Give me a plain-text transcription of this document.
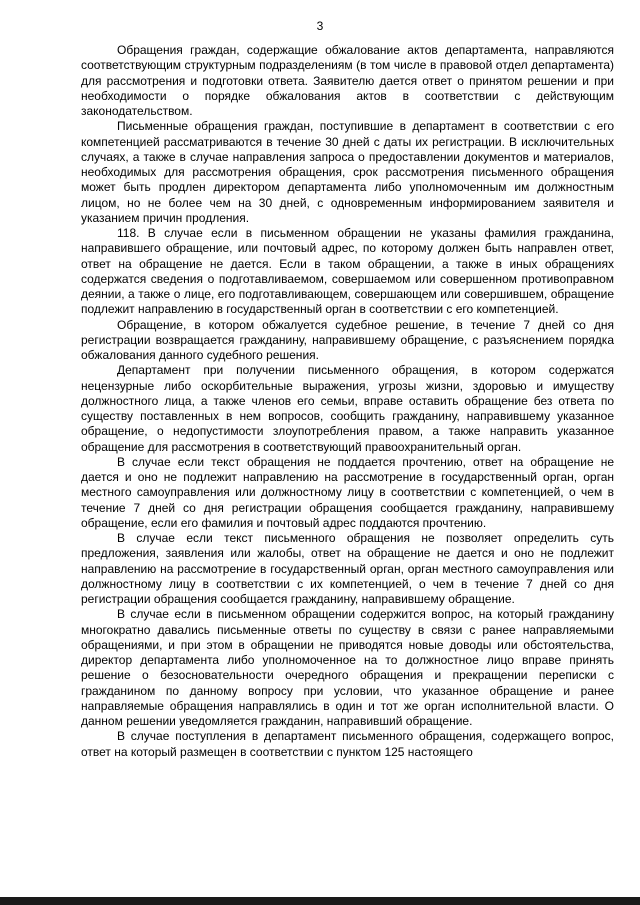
3

Обращения граждан, содержащие обжалование актов департамента, направляются соответствующим структурным подразделениям (в том числе в правовой отдел департамента) для рассмотрения и подготовки ответа. Заявителю дается ответ о принятом решении и при необходимости о порядке обжалования актов в соответствии с действующим законодательством.

Письменные обращения граждан, поступившие в департамент в соответствии с его компетенцией рассматриваются в течение 30 дней с даты их регистрации. В исключительных случаях, а также в случае направления запроса о предоставлении документов и материалов, необходимых для рассмотрения обращения, срок рассмотрения письменного обращения может быть продлен директором департамента либо уполномоченным им должностным лицом, но не более чем на 30 дней, с одновременным информированием заявителя и указанием причин продления.

118. В случае если в письменном обращении не указаны фамилия гражданина, направившего обращение, или почтовый адрес, по которому должен быть направлен ответ, ответ на обращение не дается. Если в таком обращении, а также в иных обращениях содержатся сведения о подготавливаемом, совершаемом или совершенном противоправном деянии, а также о лице, его подготавливающем, совершающем или совершившем, обращение подлежит направлению в государственный орган в соответствии с его компетенцией.

Обращение, в котором обжалуется судебное решение, в течение 7 дней со дня регистрации возвращается гражданину, направившему обращение, с разъяснением порядка обжалования данного судебного решения.

Департамент при получении письменного обращения, в котором содержатся нецензурные либо оскорбительные выражения, угрозы жизни, здоровью и имуществу должностного лица, а также членов его семьи, вправе оставить обращение без ответа по существу поставленных в нем вопросов, сообщить гражданину, направившему указанное обращение, о недопустимости злоупотребления правом, а также направить указанное обращение для рассмотрения в соответствующий правоохранительный орган.

В случае если текст обращения не поддается прочтению, ответ на обращение не дается и оно не подлежит направлению на рассмотрение в государственный орган, орган местного самоуправления или должностному лицу в соответствии с компетенцией, о чем в течение 7 дней со дня регистрации обращения сообщается гражданину, направившему обращение, если его фамилия и почтовый адрес поддаются прочтению.

В случае если текст письменного обращения не позволяет определить суть предложения, заявления или жалобы, ответ на обращение не дается и оно не подлежит направлению на рассмотрение в государственный орган, орган местного самоуправления или должностному лицу в соответствии с их компетенцией, о чем в течение 7 дней со дня регистрации обращения сообщается гражданину, направившему обращение.

В случае если в письменном обращении содержится вопрос, на который гражданину многократно давались письменные ответы по существу в связи с ранее направляемыми обращениями, и при этом в обращении не приводятся новые доводы или обстоятельства, директор департамента либо уполномоченное на то должностное лицо вправе принять решение о безосновательности очередного обращения и прекращении переписки с гражданином по данному вопросу при условии, что указанное обращение и ранее направляемые обращения направлялись в один и тот же орган исполнительной власти. О данном решении уведомляется гражданин, направивший обращение.

В случае поступления в департамент письменного обращения, содержащего вопрос, ответ на который размещен в соответствии с пунктом 125 настоящего
